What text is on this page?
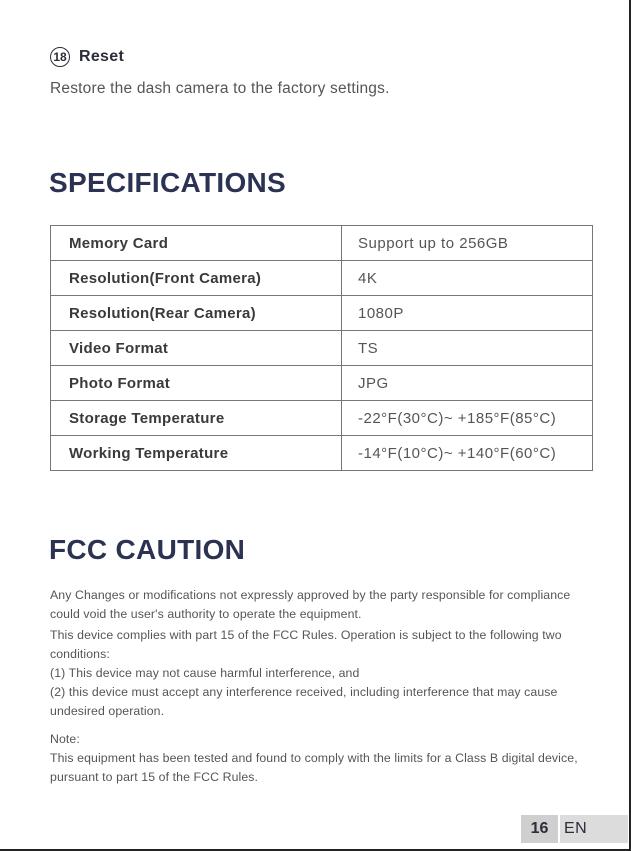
18 Reset
Restore the dash camera to the factory settings.
SPECIFICATIONS
Memory Card	Support up to 256GB
Resolution(Front Camera)	4K
Resolution(Rear Camera)	1080P
Video Format	TS
Photo Format	JPG
Storage Temperature	-22°F(30°C)~ +185°F(85°C)
Working Temperature	-14°F(10°C)~ +140°F(60°C)
FCC CAUTION

Any Changes or modifications not expressly approved by the party responsible for compliance could void the user's authority to operate the equipment.

This device complies with part 15 of the FCC Rules. Operation is subject to the following two conditions:

(1) This device may not cause harmful interference, and

(2) this device must accept any interference received, including interference that may cause undesired operation.

Note:

This equipment has been tested and found to comply with the limits for a Class B digital device, pursuant to part 15 of the FCC Rules.

16 EN
